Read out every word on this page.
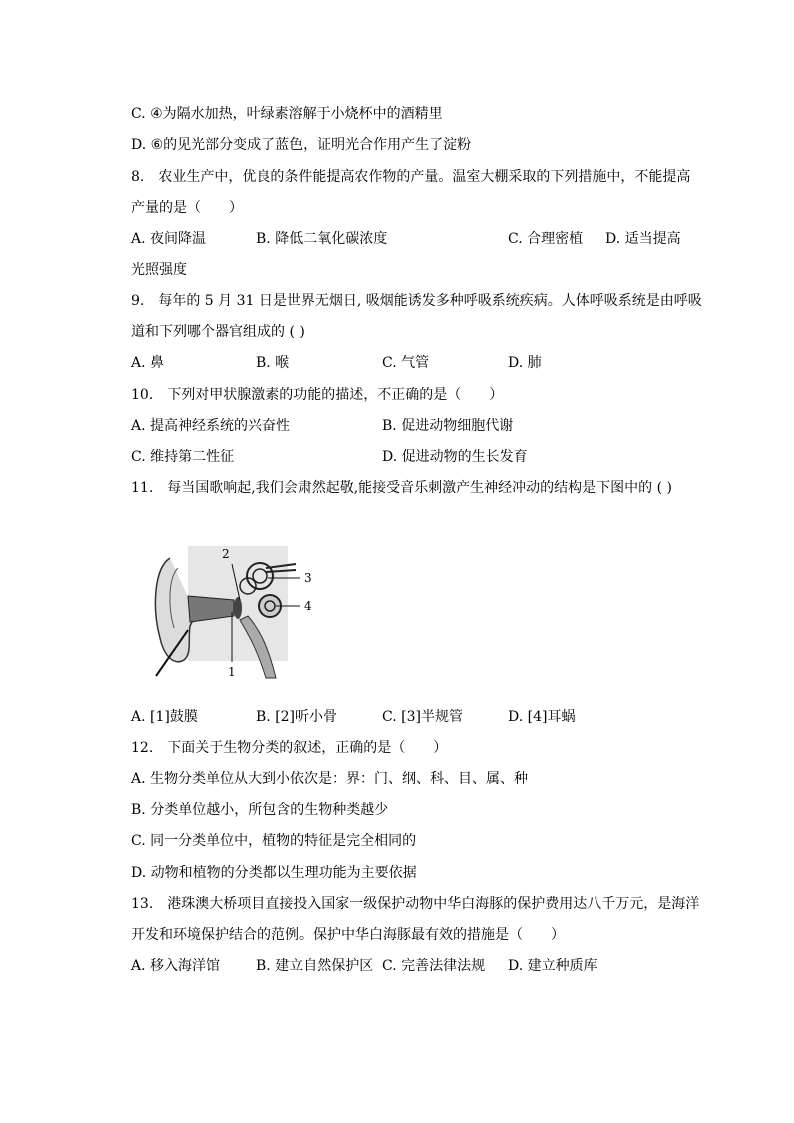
C. ④为隔水加热，叶绿素溶解于小烧杯中的酒精里
D. ⑥的见光部分变成了蓝色，证明光合作用产生了淀粉
8.　农业生产中，优良的条件能提高农作物的产量。温室大棚采取的下列措施中，不能提高
产量的是（　　）
A. 夜间降温	B. 降低二氧化碳浓度	C. 合理密植 D. 适当提高
光照强度
9.　每年的 5 月 31 日是世界无烟日, 吸烟能诱发多种呼吸系统疾病。人体呼吸系统是由呼吸
道和下列哪个器官组成的 ( )
A. 鼻	B. 喉	C. 气管	D. 肺
10.　下列对甲状腺激素的功能的描述，不正确的是（　　）
A. 提高神经系统的兴奋性	B. 促进动物细胞代谢
C. 维持第二性征	D. 促进动物的生长发育
11.　每当国歌响起,我们会肃然起敬,能接受音乐刺激产生神经冲动的结构是下图中的 ( )
2
3
4
1
A. [1]鼓膜	B. [2]听小骨	C. [3]半规管	D. [4]耳蜗
12.　下面关于生物分类的叙述，正确的是（　　）
A. 生物分类单位从大到小依次是：界：门、纲、科、目、属、种
B. 分类单位越小，所包含的生物种类越少
C. 同一分类单位中，植物的特征是完全相同的
D. 动物和植物的分类都以生理功能为主要依据
13.　港珠澳大桥项目直接投入国家一级保护动物中华白海豚的保护费用达八千万元，是海洋
开发和环境保护结合的范例。保护中华白海豚最有效的措施是（　　）
A. 移入海洋馆	B. 建立自然保护区 C. 完善法律法规 D. 建立种质库
